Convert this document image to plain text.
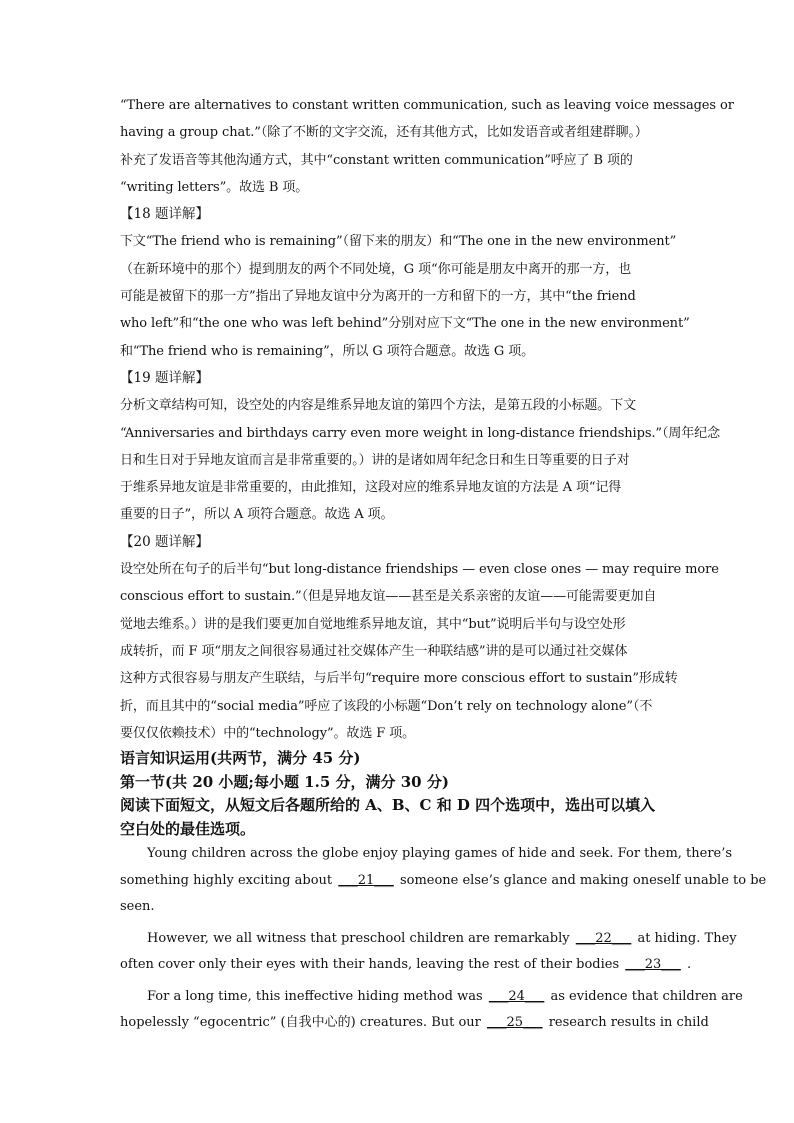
“There are alternatives to constant written communication, such as leaving voice messages or

having a group chat.”（除了不断的文字交流，还有其他方式，比如发语音或者组建群聊。）

补充了发语音等其他沟通方式，其中“constant written communication”呼应了 B 项的

“writing letters”。故选 B 项。

【18 题详解】

下文“The friend who is remaining”（留下来的朋友）和“The one in the new environment”

（在新环境中的那个）提到朋友的两个不同处境，G 项“你可能是朋友中离开的那一方，也

可能是被留下的那一方”指出了异地友谊中分为离开的一方和留下的一方，其中“the friend

who left”和“the one who was left behind”分别对应下文“The one in the new environment”

和“The friend who is remaining”，所以 G 项符合题意。故选 G 项。

【19 题详解】

分析文章结构可知，设空处的内容是维系异地友谊的第四个方法，是第五段的小标题。下文

“Anniversaries and birthdays carry even more weight in long-distance friendships.”（周年纪念

日和生日对于异地友谊而言是非常重要的。）讲的是诸如周年纪念日和生日等重要的日子对

于维系异地友谊是非常重要的，由此推知，这段对应的维系异地友谊的方法是 A 项“记得

重要的日子”，所以 A 项符合题意。故选 A 项。

【20 题详解】

设空处所在句子的后半句“but long-distance friendships — even close ones — may require more

conscious effort to sustain.”（但是异地友谊——甚至是关系亲密的友谊——可能需要更加自

觉地去维系。）讲的是我们要更加自觉地维系异地友谊，其中“but”说明后半句与设空处形

成转折，而 F 项“朋友之间很容易通过社交媒体产生一种联结感”讲的是可以通过社交媒体

这种方式很容易与朋友产生联结，与后半句“require more conscious effort to sustain”形成转

折，而且其中的“social media”呼应了该段的小标题“Don’t rely on technology alone”（不

要仅仅依赖技术）中的“technology”。故选 F 项。

语言知识运用(共两节，满分 45 分)

第一节(共 20 小题;每小题 1.5 分，满分 30 分)

阅读下面短文，从短文后各题所给的 A、B、C 和 D 四个选项中，选出可以填入

空白处的最佳选项。

Young children across the globe enjoy playing games of hide and seek. For them, there’s

something highly exciting about ___21___ someone else’s glance and making oneself unable to be

seen.

However, we all witness that preschool children are remarkably ___22___ at hiding. They

often cover only their eyes with their hands, leaving the rest of their bodies ___23___ .

For a long time, this ineffective hiding method was ___24___ as evidence that children are

hopelessly “egocentric” (自我中心的) creatures. But our ___25___ research results in child
